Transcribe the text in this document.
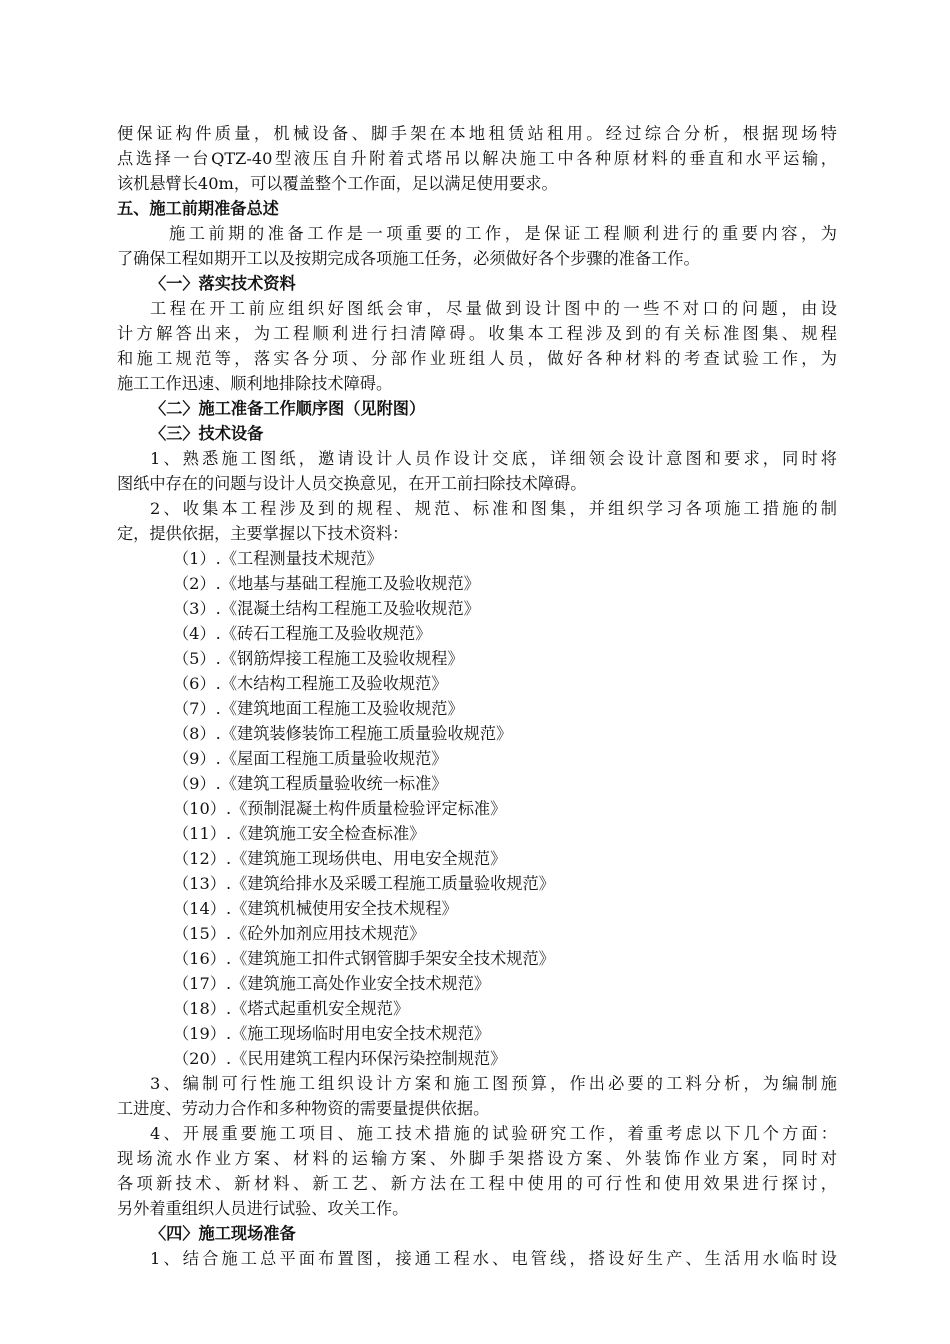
便保证构件质量，机械设备、脚手架在本地租赁站租用。经过综合分析，根据现场特
点选择一台QTZ-40型液压自升附着式塔吊以解决施工中各种原材料的垂直和水平运输，
该机悬臂长40m，可以覆盖整个工作面，足以满足使用要求。
五、施工前期准备总述
施工前期的准备工作是一项重要的工作，是保证工程顺利进行的重要内容，为
了确保工程如期开工以及按期完成各项施工任务，必须做好各个步骤的准备工作。
〈一〉落实技术资料
工程在开工前应组织好图纸会审，尽量做到设计图中的一些不对口的问题，由设
计方解答出来，为工程顺利进行扫清障碍。收集本工程涉及到的有关标准图集、规程
和施工规范等，落实各分项、分部作业班组人员，做好各种材料的考查试验工作，为
施工工作迅速、顺利地排除技术障碍。
〈二〉施工准备工作顺序图（见附图）
〈三〉技术设备
1、熟悉施工图纸，邀请设计人员作设计交底，详细领会设计意图和要求，同时将
图纸中存在的问题与设计人员交换意见，在开工前扫除技术障碍。
2、收集本工程涉及到的规程、规范、标准和图集，并组织学习各项施工措施的制
定，提供依据，主要掌握以下技术资料：
（1）.《工程测量技术规范》
（2）.《地基与基础工程施工及验收规范》
（3）.《混凝土结构工程施工及验收规范》
（4）.《砖石工程施工及验收规范》
（5）.《钢筋焊接工程施工及验收规程》
（6）.《木结构工程施工及验收规范》
（7）.《建筑地面工程施工及验收规范》
（8）.《建筑装修装饰工程施工质量验收规范》
（9）.《屋面工程施工质量验收规范》
（9）.《建筑工程质量验收统一标准》
（10）.《预制混凝土构件质量检验评定标准》
（11）.《建筑施工安全检查标准》
（12）.《建筑施工现场供电、用电安全规范》
（13）.《建筑给排水及采暖工程施工质量验收规范》
（14）.《建筑机械使用安全技术规程》
（15）.《砼外加剂应用技术规范》
（16）.《建筑施工扣件式钢管脚手架安全技术规范》
（17）.《建筑施工高处作业安全技术规范》
（18）.《塔式起重机安全规范》
（19）.《施工现场临时用电安全技术规范》
（20）.《民用建筑工程内环保污染控制规范》
3、编制可行性施工组织设计方案和施工图预算，作出必要的工料分析，为编制施
工进度、劳动力合作和多种物资的需要量提供依据。
4、开展重要施工项目、施工技术措施的试验研究工作，着重考虑以下几个方面：
现场流水作业方案、材料的运输方案、外脚手架搭设方案、外装饰作业方案，同时对
各项新技术、新材料、新工艺、新方法在工程中使用的可行性和使用效果进行探讨，
另外着重组织人员进行试验、攻关工作。
〈四〉施工现场准备
1、结合施工总平面布置图，接通工程水、电管线，搭设好生产、生活用水临时设
